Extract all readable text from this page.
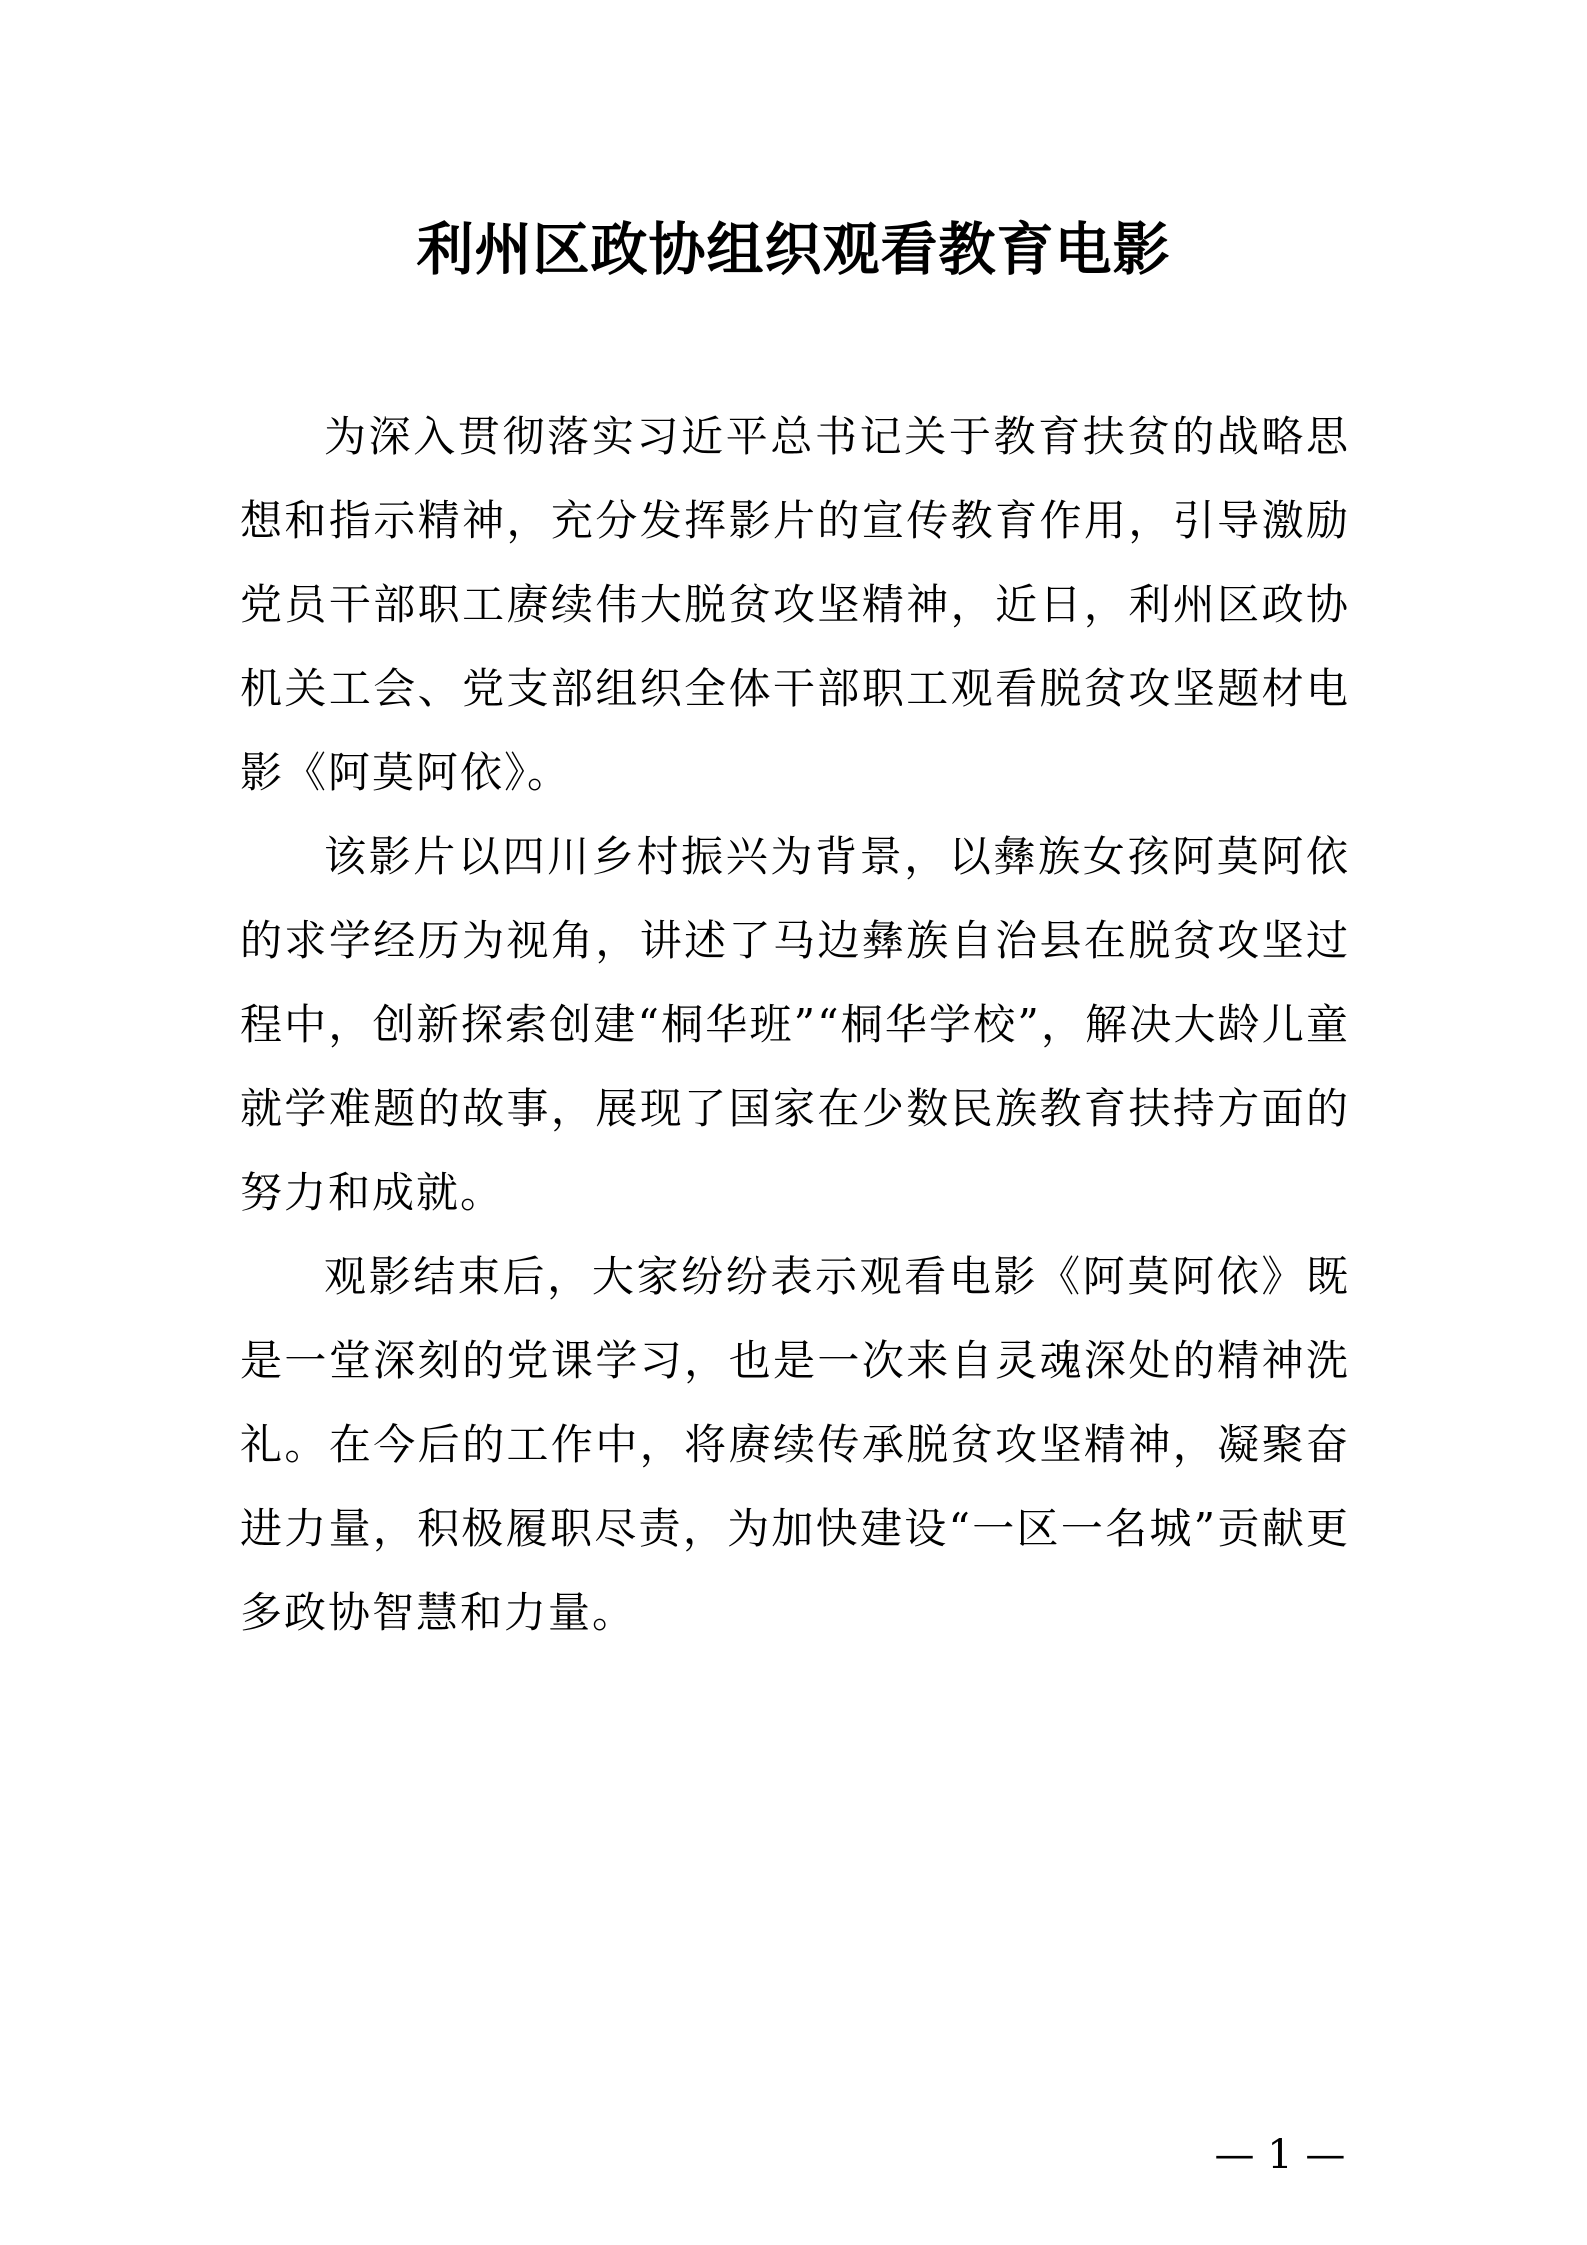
利州区政协组织观看教育电影

为深入贯彻落实习近平总书记关于教育扶贫的战略思想和指示精神，充分发挥影片的宣传教育作用，引导激励党员干部职工赓续伟大脱贫攻坚精神，近日，利州区政协机关工会、党支部组织全体干部职工观看脱贫攻坚题材电影《阿莫阿依》。

该影片以四川乡村振兴为背景，以彝族女孩阿莫阿依的求学经历为视角，讲述了马边彝族自治县在脱贫攻坚过程中，创新探索创建“桐华班”“桐华学校”，解决大龄儿童就学难题的故事，展现了国家在少数民族教育扶持方面的努力和成就。

观影结束后，大家纷纷表示观看电影《阿莫阿依》既是一堂深刻的党课学习，也是一次来自灵魂深处的精神洗礼。在今后的工作中，将赓续传承脱贫攻坚精神，凝聚奋进力量，积极履职尽责，为加快建设“一区一名城”贡献更多政协智慧和力量。

— 1 —
